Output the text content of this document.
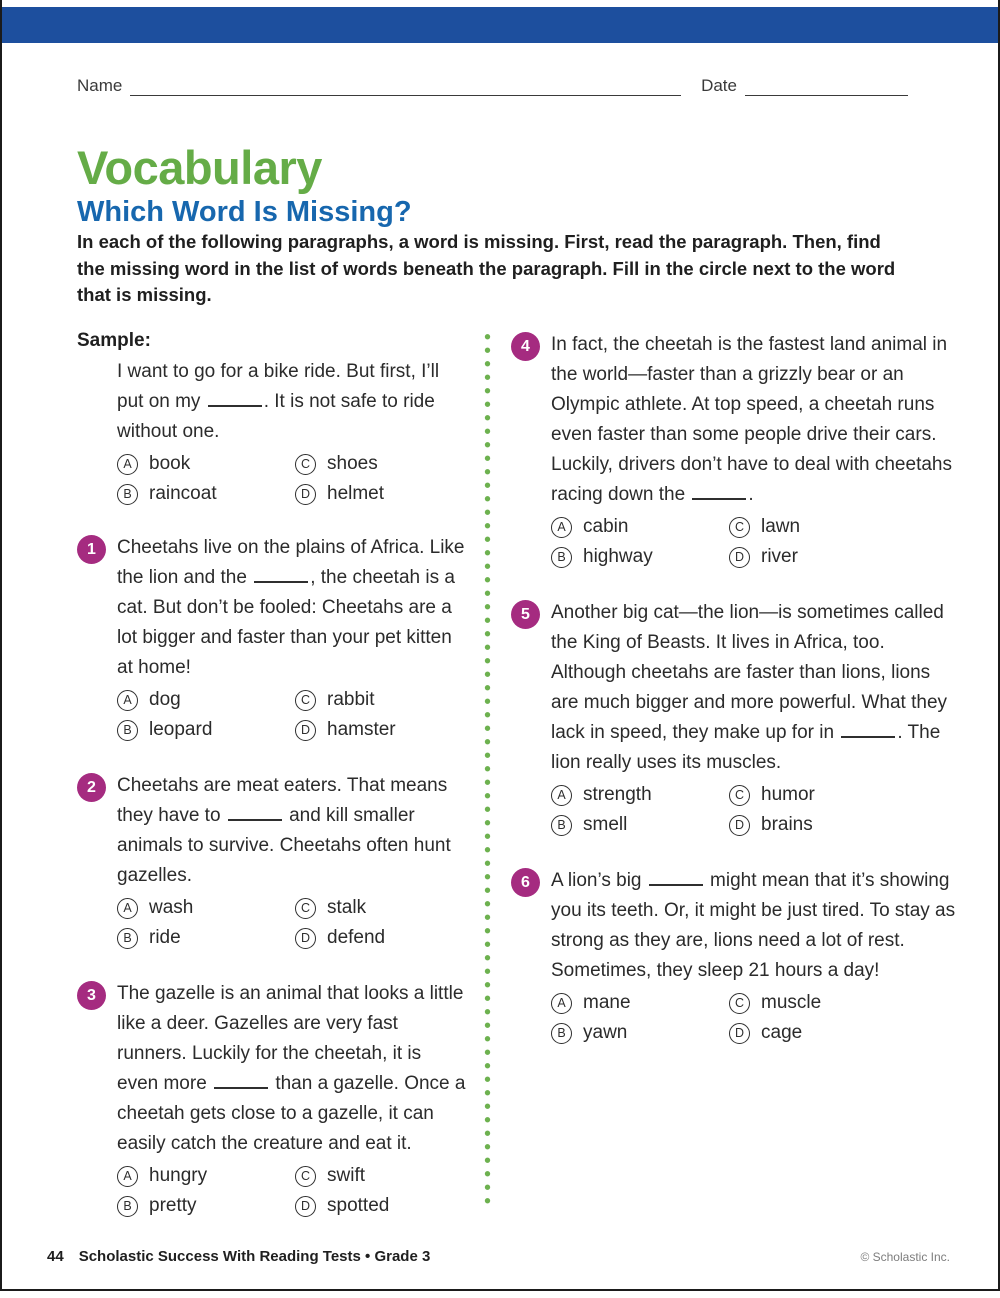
Name	Date
Vocabulary
Which Word Is Missing?

In each of the following paragraphs, a word is missing. First, read the paragraph. Then, find the missing word in the list of words beneath the paragraph. Fill in the circle next to the word that is missing.

Sample:

I want to go for a bike ride. But first, I’ll put on my	. It is not safe to ride without one.

A book
B raincoat
C shoes
D helmet
1	Cheetahs live on the plains of Africa. Like the lion and the	, the cheetah is a cat. But don’t be fooled: Cheetahs are a lot bigger and faster than your pet kitten at home!

A dog
B leopard
C rabbit
D hamster
2	Cheetahs are meat eaters. That means they have to	and kill smaller animals to survive. Cheetahs often hunt gazelles.

A wash
B ride
C stalk
D defend
3	The gazelle is an animal that looks a little like a deer. Gazelles are very fast runners. Luckily for the cheetah, it is even more	than a gazelle. Once a cheetah gets close to a gazelle, it can easily catch the creature and eat it.

A hungry
B pretty
C swift
D spotted
4	In fact, the cheetah is the fastest land animal in the world—faster than a grizzly bear or an Olympic athlete. At top speed, a cheetah runs even faster than some people drive their cars. Luckily, drivers don’t have to deal with cheetahs racing down the	.

A cabin
B highway
C lawn
D river
5	Another big cat—the lion—is sometimes called the King of Beasts. It lives in Africa, too. Although cheetahs are faster than lions, lions are much bigger and more powerful. What they lack in speed, they make up for in	. The lion really uses its muscles.

A strength
B smell
C humor
D brains
6	A lion’s big	might mean that it’s showing you its teeth. Or, it might be just tired. To stay as strong as they are, lions need a lot of rest. Sometimes, they sleep 21 hours a day!

A mane
B yawn
C muscle
D cage
44 Scholastic Success With Reading Tests • Grade 3	© Scholastic Inc.
